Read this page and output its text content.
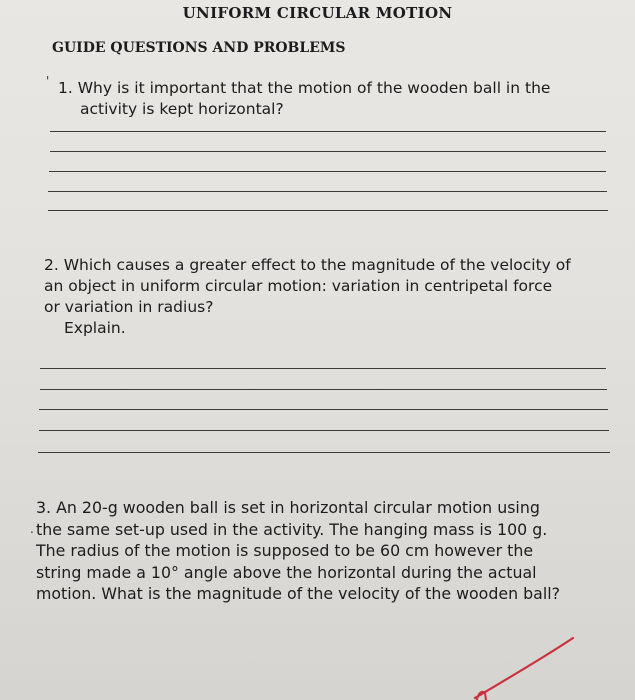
UNIFORM CIRCULAR MOTION
GUIDE QUESTIONS AND PROBLEMS
' 1. Why is it important that the motion of the wooden ball in the

activity is kept horizontal?

2. Which causes a greater effect to the magnitude of the velocity of

an object in uniform circular motion: variation in centripetal force

or variation in radius?

Explain.

.

3. An 20-g wooden ball is set in horizontal circular motion using

the same set-up used in the activity. The hanging mass is 100 g.

The radius of the motion is supposed to be 60 cm however the

string made a 10° angle above the horizontal during the actual

motion. What is the magnitude of the velocity of the wooden ball?
